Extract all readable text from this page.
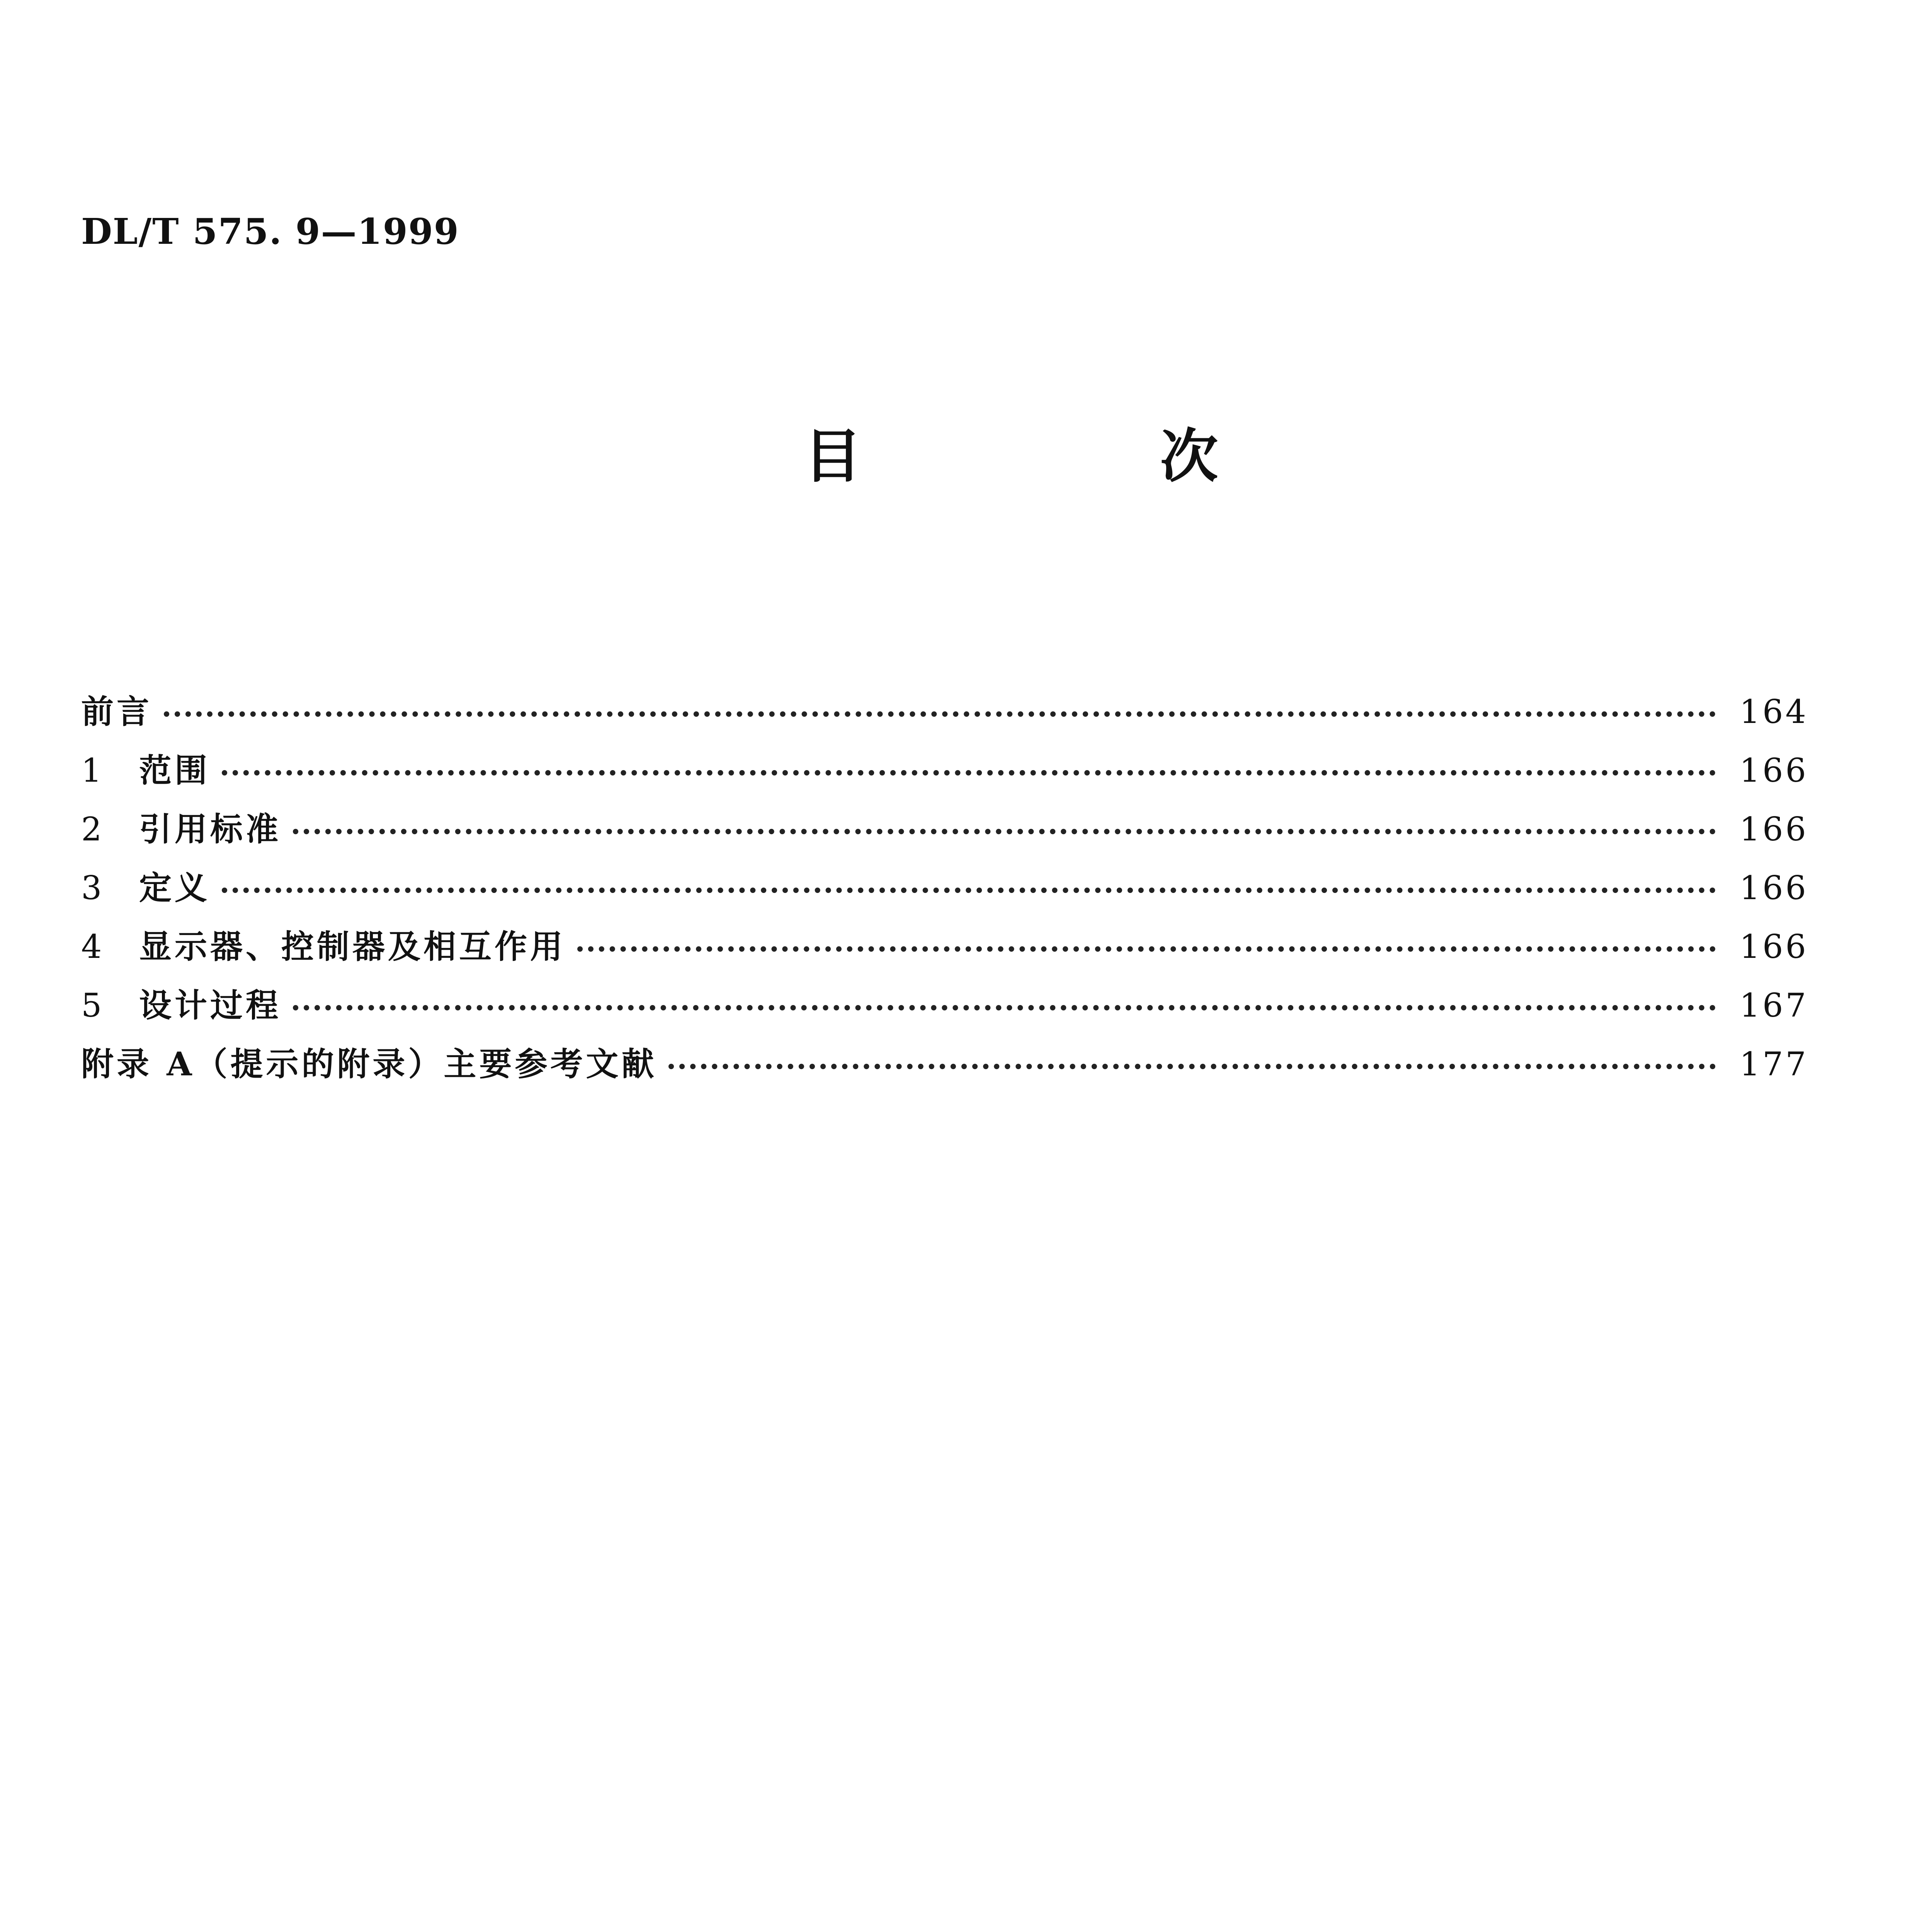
DL/T 575. 9—1999
目 次
前言	164
1	范围	166
2	引用标准	166
3	定义	166
4	显示器、控制器及相互作用	166
5	设计过程	167
附录 A（提示的附录）主要参考文献	177
